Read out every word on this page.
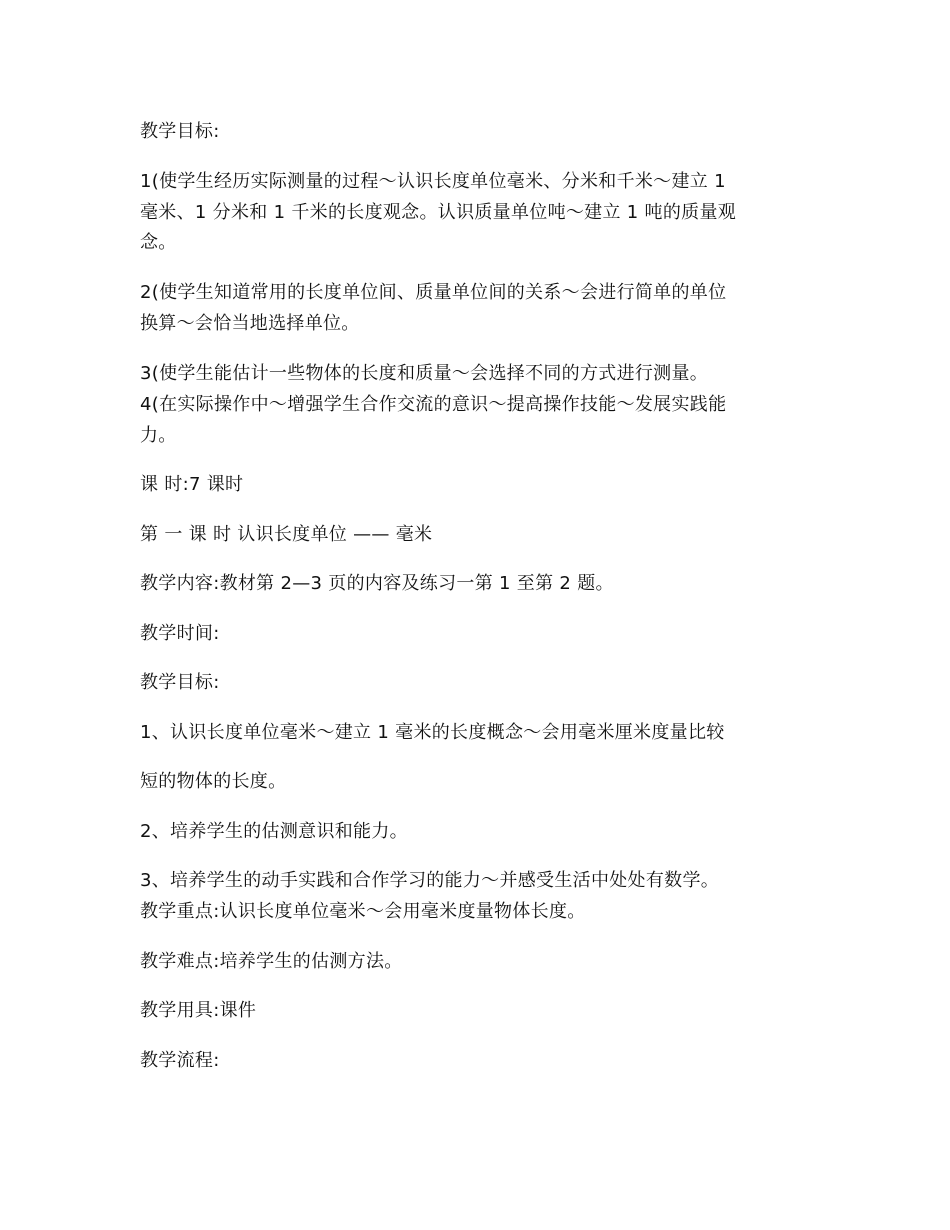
教学目标:
1(使学生经历实际测量的过程～认识长度单位毫米、分米和千米～建立 1
毫米、1 分米和 1 千米的长度观念。认识质量单位吨～建立 1 吨的质量观
念。
2(使学生知道常用的长度单位间、质量单位间的关系～会进行简单的单位
换算～会恰当地选择单位。
3(使学生能估计一些物体的长度和质量～会选择不同的方式进行测量。
4(在实际操作中～增强学生合作交流的意识～提高操作技能～发展实践能
力。
课 时:7 课时
第 一 课 时 认识长度单位 —— 毫米
教学内容:教材第 2—3 页的内容及练习一第 1 至第 2 题。
教学时间:
教学目标:
1、认识长度单位毫米～建立 1 毫米的长度概念～会用毫米厘米度量比较
短的物体的长度。
2、培养学生的估测意识和能力。
3、培养学生的动手实践和合作学习的能力～并感受生活中处处有数学。
教学重点:认识长度单位毫米～会用毫米度量物体长度。
教学难点:培养学生的估测方法。
教学用具:课件
教学流程:
